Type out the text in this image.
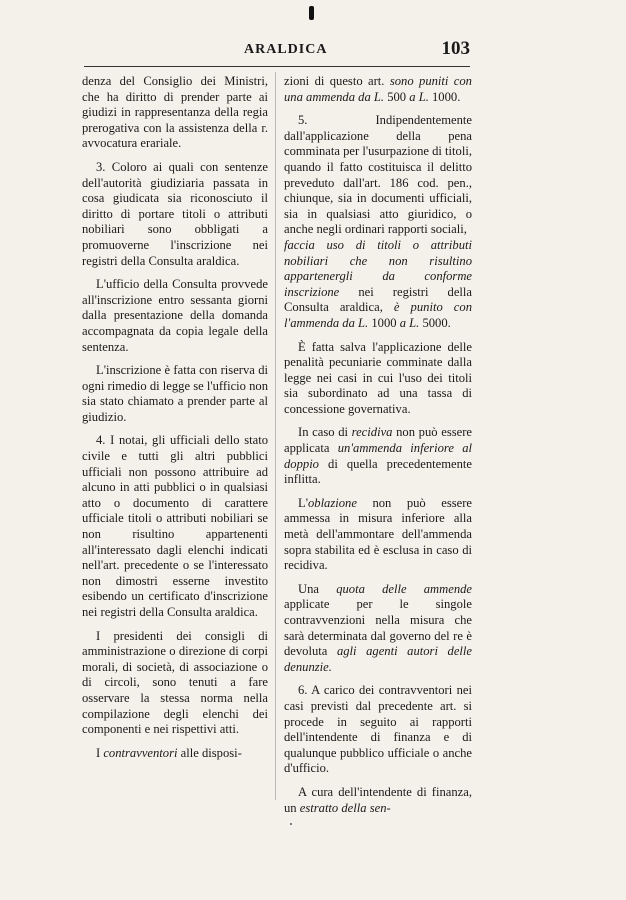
ARALDICA	103

denza del Consiglio dei Ministri, che ha diritto di prender parte ai giudizi in rappresentanza della regia prerogativa con la assistenza della r. avvocatura erariale.

3. Coloro ai quali con sentenze dell'autorità giudiziaria passata in cosa giudicata sia riconosciuto il diritto di portare titoli o attributi nobiliari sono obbligati a promuoverne l'inscrizione nei registri della Consulta araldica.

L'ufficio della Consulta provvede all'inscrizione entro sessanta giorni dalla presentazione della domanda accompagnata da copia legale della sentenza.

L'inscrizione è fatta con riserva di ogni rimedio di legge se l'ufficio non sia stato chiamato a prender parte al giudizio.

4. I notai, gli ufficiali dello stato civile e tutti gli altri pubblici ufficiali non possono attribuire ad alcuno in atti pubblici o in qualsiasi atto o documento di carattere ufficiale titoli o attributi nobiliari se non risultino appartenenti all'interessato dagli elenchi indicati nell'art. precedente o se l'interessato non dimostri esserne investito esibendo un certificato d'inscrizione nei registri della Consulta araldica.

I presidenti dei consigli di amministrazione o direzione di corpi morali, di società, di associazione o di circoli, sono tenuti a fare osservare la stessa norma nella compilazione degli elenchi dei componenti e nei rispettivi atti.

I contravventori alle disposi-

zioni di questo art. sono puniti con una ammenda da L. 500 a L. 1000.

5. Indipendentemente dall'applicazione della pena comminata per l'usurpazione di titoli, quando il fatto costituisca il delitto preveduto dall'art. 186 cod. pen., chiunque, sia in documenti ufficiali, sia in qualsiasi atto giuridico, o anche negli ordinari rapporti sociali,

faccia uso di titoli o attributi nobiliari che non risultino appartenergli da conforme inscrizione nei registri della Consulta araldica, è punito con l'ammenda da L. 1000 a L. 5000.

È fatta salva l'applicazione delle penalità pecuniarie comminate dalla legge nei casi in cui l'uso dei titoli sia subordinato ad una tassa di concessione governativa.

In caso di recidiva non può essere applicata un'ammenda inferiore al doppio di quella precedentemente inflitta.

L'oblazione non può essere ammessa in misura inferiore alla metà dell'ammontare dell'ammenda sopra stabilita ed è esclusa in caso di recidiva.

Una quota delle ammende applicate per le singole contravvenzioni nella misura che sarà determinata dal governo del re è devoluta agli agenti autori delle denunzie.

6. A carico dei contravventori nei casi previsti dal precedente art. si procede in seguito ai rapporti dell'intendente di finanza e di qualunque pubblico ufficiale o anche d'ufficio.

A cura dell'intendente di finanza, un estratto della sen-
